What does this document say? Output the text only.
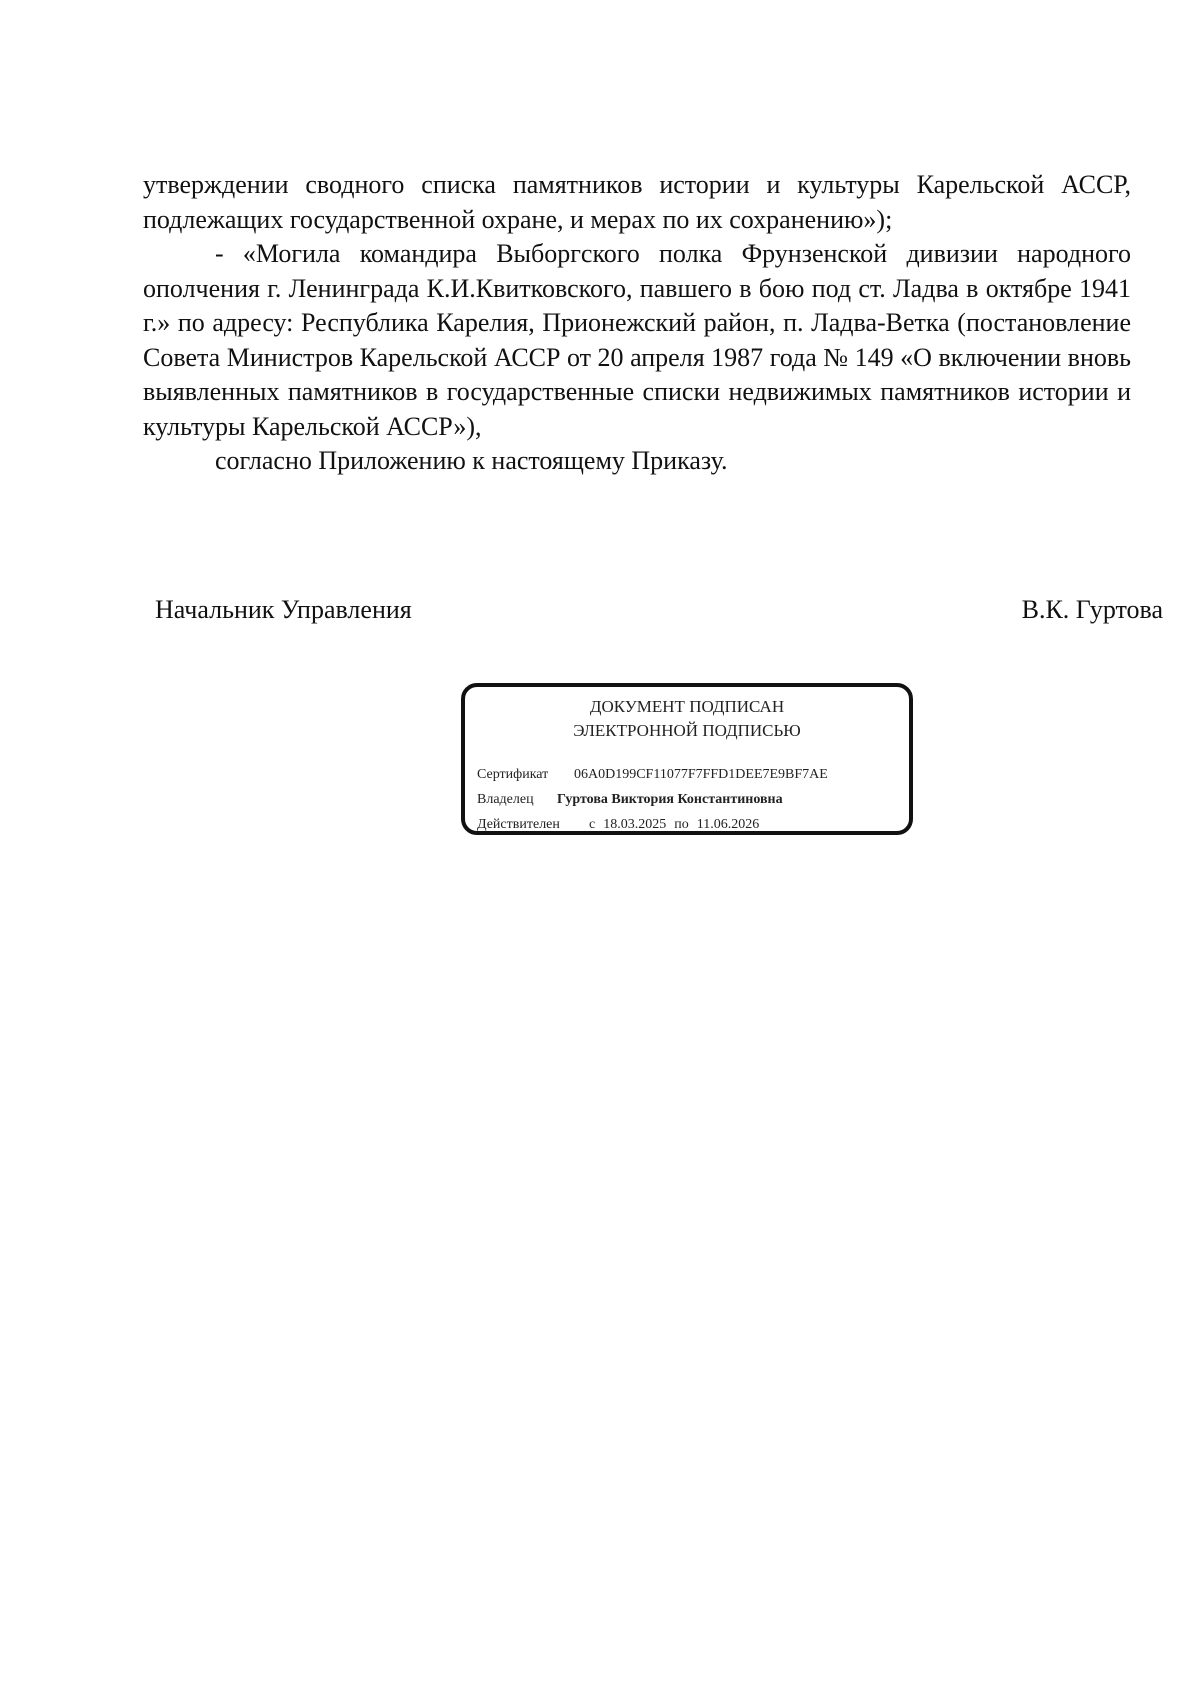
утверждении сводного списка памятников истории и культуры Карельской АССР, подлежащих государственной охране, и мерах по их сохранению»);

- «Могила командира Выборгского полка Фрунзенской дивизии народного ополчения г. Ленинграда К.И.Квитковского, павшего в бою под ст. Ладва в октябре 1941 г.» по адресу: Республика Карелия, Прионежский район, п. Ладва-Ветка (постановление Совета Министров Карельской АССР от 20 апреля 1987 года № 149 «О включении вновь выявленных памятников в государственные списки недвижимых памятников истории и культуры Карельской АССР»),

согласно Приложению к настоящему Приказу.

Начальник Управления	В.К. Гуртова
ДОКУМЕНТ ПОДПИСАН
ЭЛЕКТРОННОЙ ПОДПИСЬЮ
Сертификат 06A0D199CF11077F7FFD1DEE7E9BF7AE
Владелец Гуртова Виктория Константиновна
Действителен с 18.03.2025 по 11.06.2026
